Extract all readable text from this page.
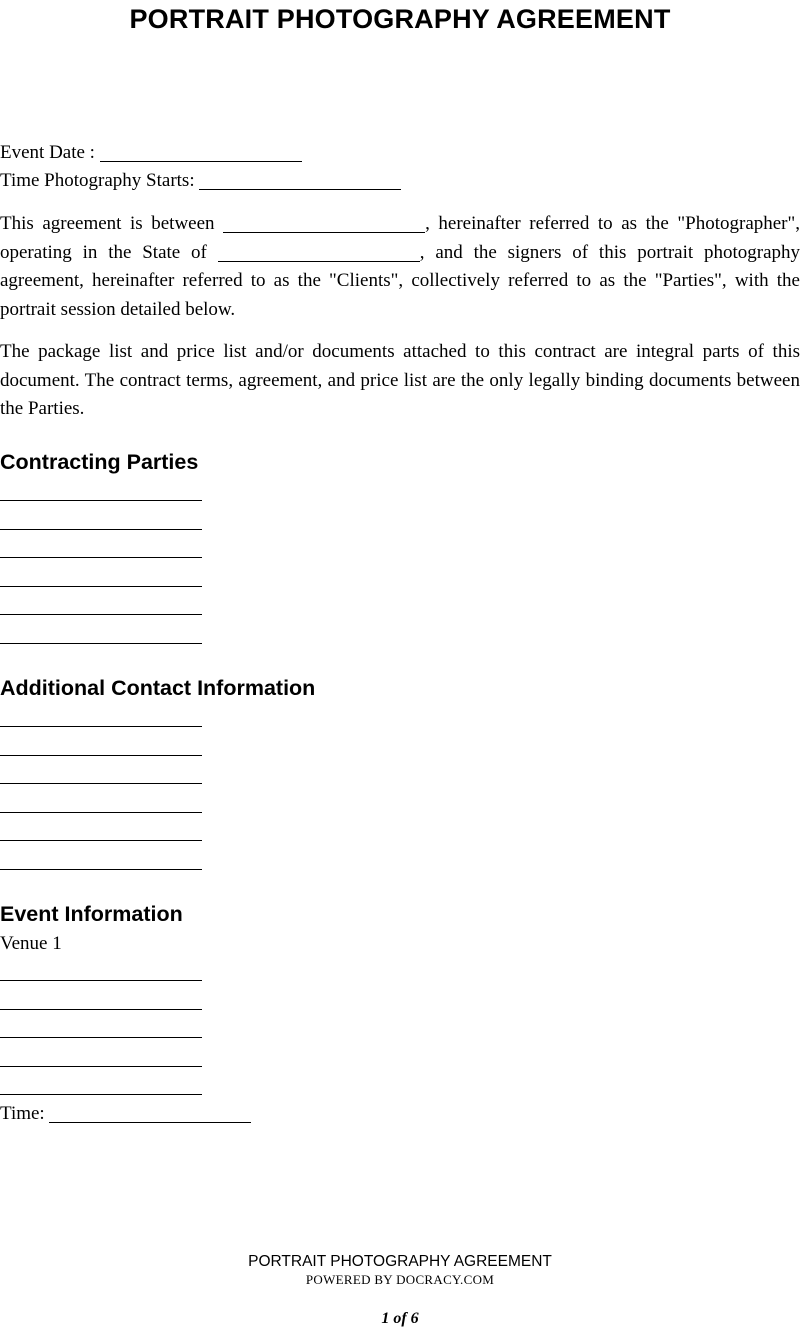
PORTRAIT PHOTOGRAPHY AGREEMENT
Event Date :
Time Photography Starts:
This agreement is between	, hereinafter referred to as the "Photographer", operating in the State of	, and the signers of this portrait photography agreement, hereinafter referred to as the "Clients", collectively referred to as the "Parties", with the portrait session detailed below.
The package list and price list and/or documents attached to this contract are integral parts of this document. The contract terms, agreement, and price list are the only legally binding documents between the Parties.
Contracting Parties
Additional Contact Information
Event Information
Venue 1
Time:
PORTRAIT PHOTOGRAPHY AGREEMENT
POWERED BY DOCRACY.COM
1 of 6
